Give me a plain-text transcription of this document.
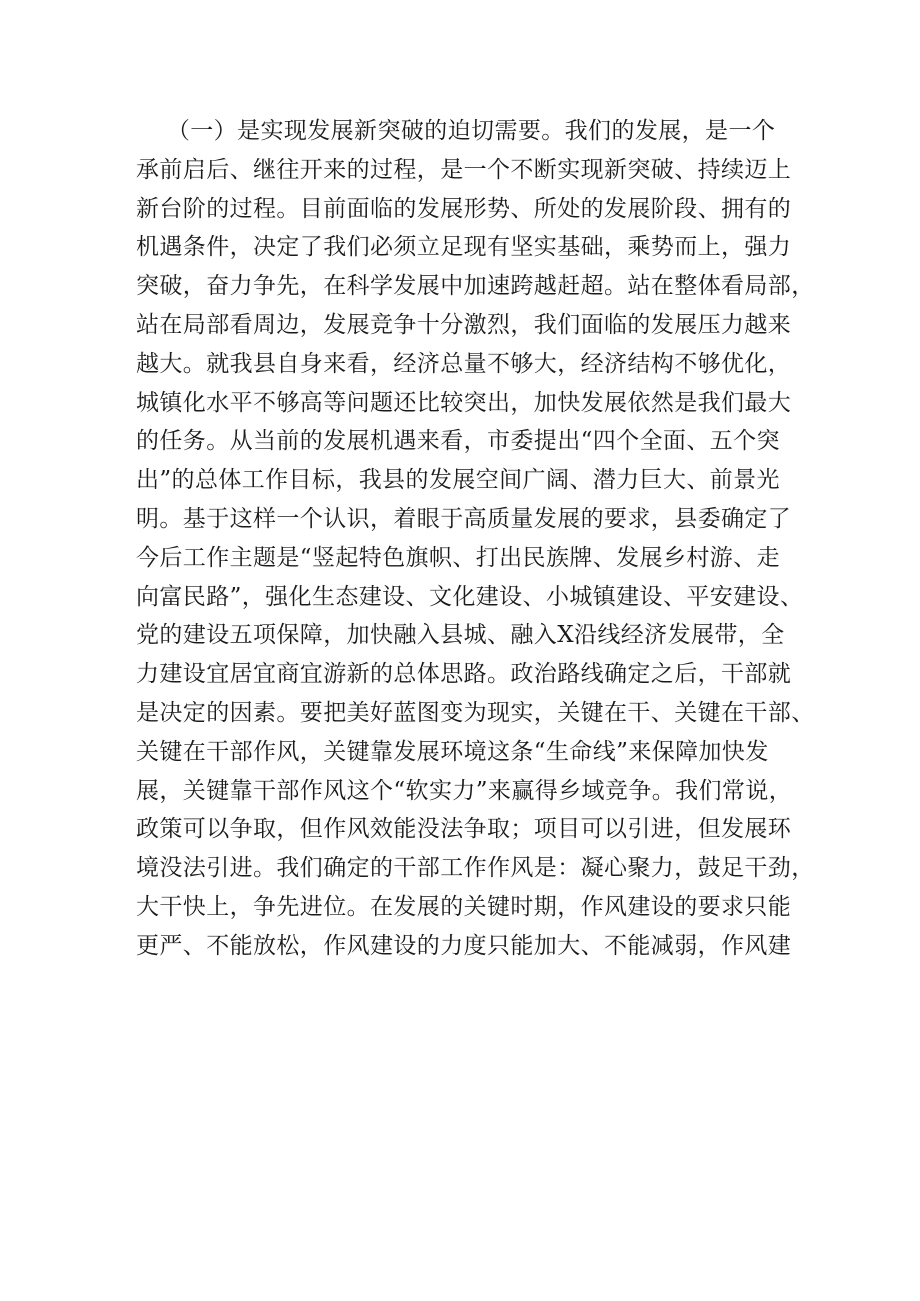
（一）是实现发展新突破的迫切需要。我们的发展，是一个
承前启后、继往开来的过程，是一个不断实现新突破、持续迈上
新台阶的过程。目前面临的发展形势、所处的发展阶段、拥有的
机遇条件，决定了我们必须立足现有坚实基础，乘势而上，强力
突破，奋力争先，在科学发展中加速跨越赶超。站在整体看局部，
站在局部看周边，发展竞争十分激烈，我们面临的发展压力越来
越大。就我县自身来看，经济总量不够大，经济结构不够优化，
城镇化水平不够高等问题还比较突出，加快发展依然是我们最大
的任务。从当前的发展机遇来看，市委提出“四个全面、五个突
出”的总体工作目标，我县的发展空间广阔、潜力巨大、前景光
明。基于这样一个认识，着眼于高质量发展的要求，县委确定了
今后工作主题是“竖起特色旗帜、打出民族牌、发展乡村游、走
向富民路”，强化生态建设、文化建设、小城镇建设、平安建设、
党的建设五项保障，加快融入县城、融入X沿线经济发展带，全
力建设宜居宜商宜游新的总体思路。政治路线确定之后，干部就
是决定的因素。要把美好蓝图变为现实，关键在干、关键在干部、
关键在干部作风，关键靠发展环境这条“生命线”来保障加快发
展，关键靠干部作风这个“软实力”来赢得乡域竞争。我们常说，
政策可以争取，但作风效能没法争取；项目可以引进，但发展环
境没法引进。我们确定的干部工作作风是：凝心聚力，鼓足干劲，
大干快上，争先进位。在发展的关键时期，作风建设的要求只能
更严、不能放松，作风建设的力度只能加大、不能减弱，作风建
